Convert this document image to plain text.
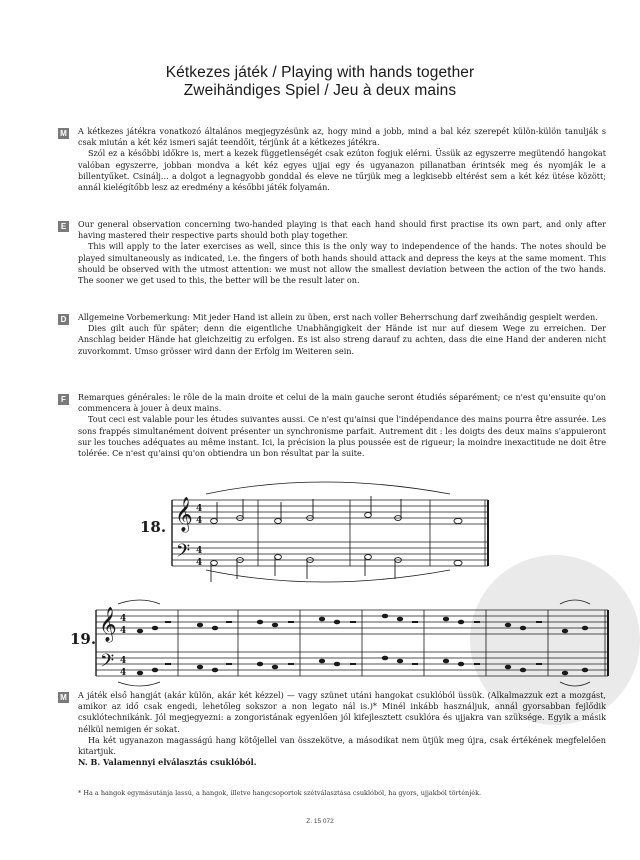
Kétkezes játék / Playing with hands together
Zweihändiges Spiel / Jeu à deux mains
M A kétkezes játékra vonatkozó általános megjegyzésünk az, hogy mind a jobb, mind a bal kéz szerepét külön-külön tanulják s csak miután a két kéz ismeri saját teendőit, térjünk át a kétkezes játékra.

Szól ez a későbbi időkre is, mert a kezek függetlenségét csak ezúton fogjuk elérni. Üssük az egyszerre megütendő hangokat valóban egyszerre, jobban mondva a két kéz egyes ujjai egy és ugyanazon pillanatban érintsék meg és nyomják le a billentyűket. Csinálj... a dolgot a legnagyobb gonddal és eleve ne tűrjük meg a legkisebb eltérést sem a két kéz ütése között; annál kielégítőbb lesz az eredmény a későbbi játék folyamán.

E	Our general observation concerning two-handed playing is that each hand should first practise its own part, and only after having mastered their respective parts should both play together.

This will apply to the later exercises as well, since this is the only way to independence of the hands. The notes should be played simultaneously as indicated, i.e. the fingers of both hands should attack and depress the keys at the same moment. This should be observed with the utmost attention: we must not allow the smallest deviation between the action of the two hands. The sooner we get used to this, the better will be the result later on.

D	Allgemeine Vorbemerkung: Mit jeder Hand ist allein zu üben, erst nach voller Beherrschung darf zweihändig gespielt werden.

Dies gilt auch für später; denn die eigentliche Unabhängigkeit der Hände ist nur auf diesem Wege zu erreichen. Der Anschlag beider Hände hat gleichzeitig zu erfolgen. Es ist also streng darauf zu achten, dass die eine Hand der anderen nicht zuvorkommt. Umso grösser wird dann der Erfolg im Weiteren sein.

F	Remarques générales: le rôle de la main droite et celui de la main gauche seront étudiés séparément; ce n'est qu'ensuite qu'on commencera à jouer à deux mains.

Tout ceci est valable pour les études suivantes aussi. Ce n'est qu'ainsi que l'indépendance des mains pourra être assurée. Les sons frappés simultanément doivent présenter un synchronisme parfait. Autrement dit : les doigts des deux mains s'appuieront sur les touches adéquates au même instant. Ici, la précision la plus poussée est de rigueur; la moindre inexactitude ne doit être tolérée. Ce n'est qu'ainsi qu'on obtiendra un bon résultat par la suite.

𝄞
𝄢
4
4
4
4
𝄞
𝄢
4
4
4
4
18.
19.
M A játék első hangját (akár külön, akár két kézzel) — vagy szünet utáni hangokat csuklóból üssük. (Alkalmazzuk ezt a mozgást, amikor az idő csak engedi, lehetőleg sokszor a non legato nál is.)* Minél inkább használjuk, annál gyorsabban fejlődik csuklótechnikánk. Jól megjegyezni: a zongoristának egyenlően jól kifejlesztett csuklóra és ujjakra van szüksége. Egyik a másik nélkül nemigen ér sokat.

Ha két ugyanazon magasságú hang kötőjellel van összekötve, a másodikat nem ütjük meg újra, csak értékének megfelelően kitartjuk.

N. B. Valamennyi elválasztás csuklóból.

* Ha a hangok egymásutánja lassú, a hangok, illetve hangcsoportok szétválasztása csuklóból, ha gyors, ujjakból történjék.
Z. 15 072
